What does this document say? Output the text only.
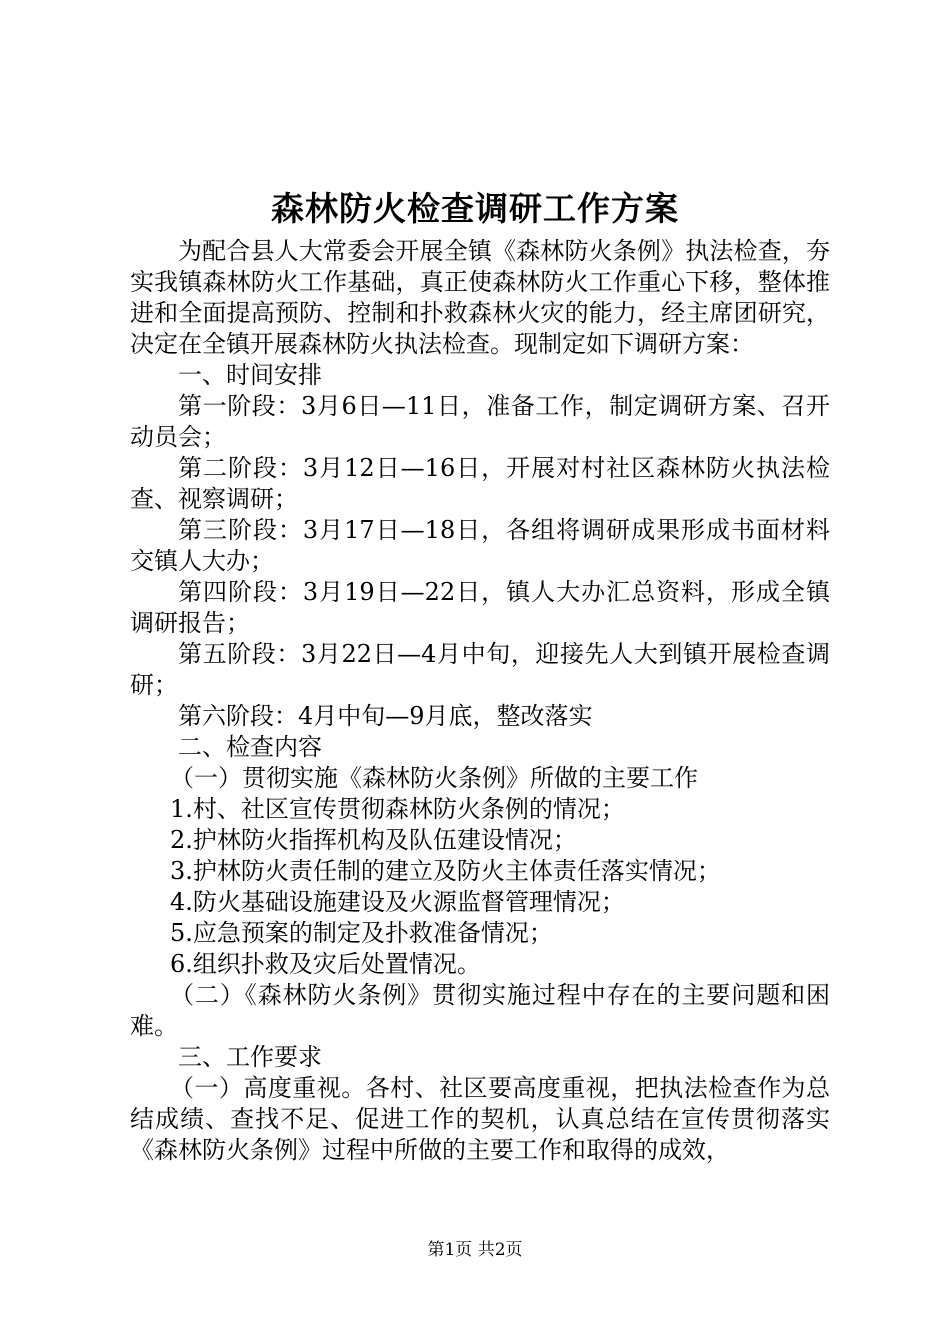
森林防火检查调研工作方案

为配合县人大常委会开展全镇《森林防火条例》执法检查，夯实我镇森林防火工作基础，真正使森林防火工作重心下移，整体推进和全面提高预防、控制和扑救森林火灾的能力，经主席团研究，决定在全镇开展森林防火执法检查。现制定如下调研方案：

一、时间安排

第一阶段：3月6日—11日，准备工作，制定调研方案、召开动员会；

第二阶段：3月12日—16日，开展对村社区森林防火执法检查、视察调研；

第三阶段：3月17日—18日，各组将调研成果形成书面材料交镇人大办；

第四阶段：3月19日—22日，镇人大办汇总资料，形成全镇调研报告；

第五阶段：3月22日—4月中旬，迎接先人大到镇开展检查调研；

第六阶段：4月中旬—9月底，整改落实

二、检查内容

（一）贯彻实施《森林防火条例》所做的主要工作

1.村、社区宣传贯彻森林防火条例的情况；

2.护林防火指挥机构及队伍建设情况；

3.护林防火责任制的建立及防火主体责任落实情况；

4.防火基础设施建设及火源监督管理情况；

5.应急预案的制定及扑救准备情况；

6.组织扑救及灾后处置情况。

（二）《森林防火条例》贯彻实施过程中存在的主要问题和困难。

三、工作要求

（一）高度重视。各村、社区要高度重视，把执法检查作为总结成绩、查找不足、促进工作的契机，认真总结在宣传贯彻落实《森林防火条例》过程中所做的主要工作和取得的成效，

第1页 共2页
